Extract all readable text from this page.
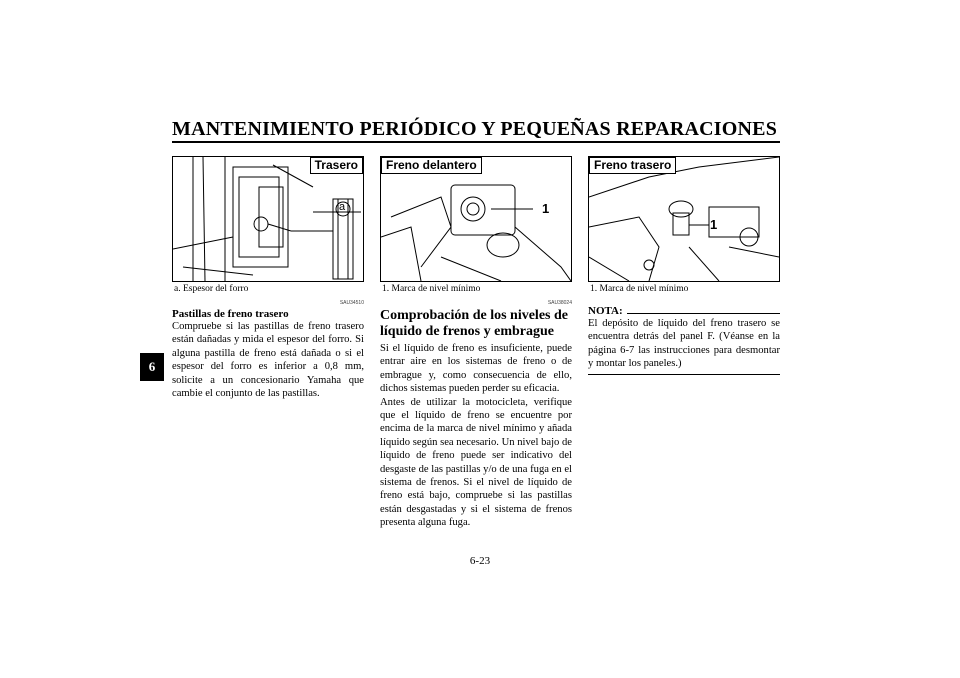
MANTENIMIENTO PERIÓDICO Y PEQUEÑAS REPARACIONES
6
Trasero
a
Freno delantero
1
Freno trasero
1
a. Espesor del forro	1. Marca de nivel mínimo	1. Marca de nivel mínimo
SAU34510
Pastillas de freno trasero
Compruebe si las pastillas de freno trasero están dañadas y mida el espesor del forro. Si alguna pastilla de freno está dañada o si el espesor del forro es inferior a 0,8 mm, solicite a un concesionario Yamaha que cambie el conjunto de las pastillas.
SAU38024
Comprobación de los niveles de líquido de frenos y embrague
Si el líquido de freno es insuficiente, puede entrar aire en los sistemas de freno o de embrague y, como consecuencia de ello, dichos sistemas pueden perder su eficacia.
Antes de utilizar la motocicleta, verifique que el líquido de freno se encuentre por encima de la marca de nivel mínimo y añada líquido según sea necesario. Un nivel bajo de líquido de freno puede ser indicativo del desgaste de las pastillas y/o de una fuga en el sistema de frenos. Si el nivel de líquido de freno está bajo, compruebe si las pastillas están desgastadas y si el sistema de frenos presenta alguna fuga.
NOTA:
El depósito de líquido del freno trasero se encuentra detrás del panel F. (Véanse en la página 6-7 las instrucciones para desmontar y montar los paneles.)
6-23
